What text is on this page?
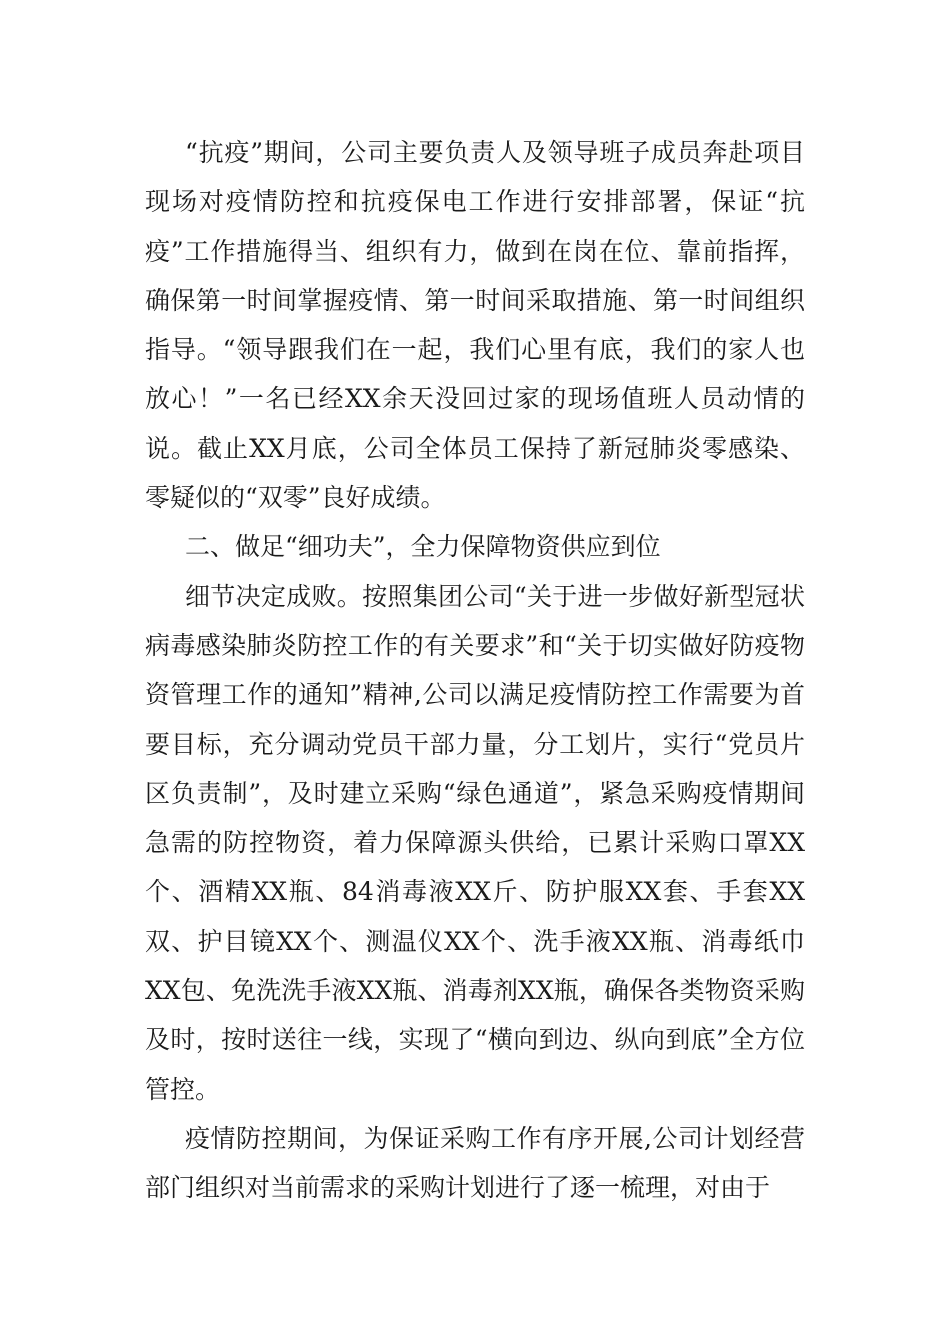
“抗疫”期间，公司主要负责人及领导班子成员奔赴项目现场对疫情防控和抗疫保电工作进行安排部署，保证“抗疫”工作措施得当、组织有力，做到在岗在位、靠前指挥，确保第一时间掌握疫情、第一时间采取措施、第一时间组织指导。“领导跟我们在一起，我们心里有底，我们的家人也放心！”一名已经XX余天没回过家的现场值班人员动情的说。截止XX月底，公司全体员工保持了新冠肺炎零感染、零疑似的“双零”良好成绩。

二、做足“细功夫”，全力保障物资供应到位

细节决定成败。按照集团公司“关于进一步做好新型冠状病毒感染肺炎防控工作的有关要求”和“关于切实做好防疫物资管理工作的通知”精神,公司以满足疫情防控工作需要为首要目标，充分调动党员干部力量，分工划片，实行“党员片区负责制”，及时建立采购“绿色通道”，紧急采购疫情期间急需的防控物资，着力保障源头供给，已累计采购口罩XX个、酒精XX瓶、84消毒液XX斤、防护服XX套、手套XX双、护目镜XX个、测温仪XX个、洗手液XX瓶、消毒纸巾XX包、免洗洗手液XX瓶、消毒剂XX瓶，确保各类物资采购及时，按时送往一线，实现了“横向到边、纵向到底”全方位管控。

疫情防控期间，为保证采购工作有序开展,公司计划经营部门组织对当前需求的采购计划进行了逐一梳理，对由于
